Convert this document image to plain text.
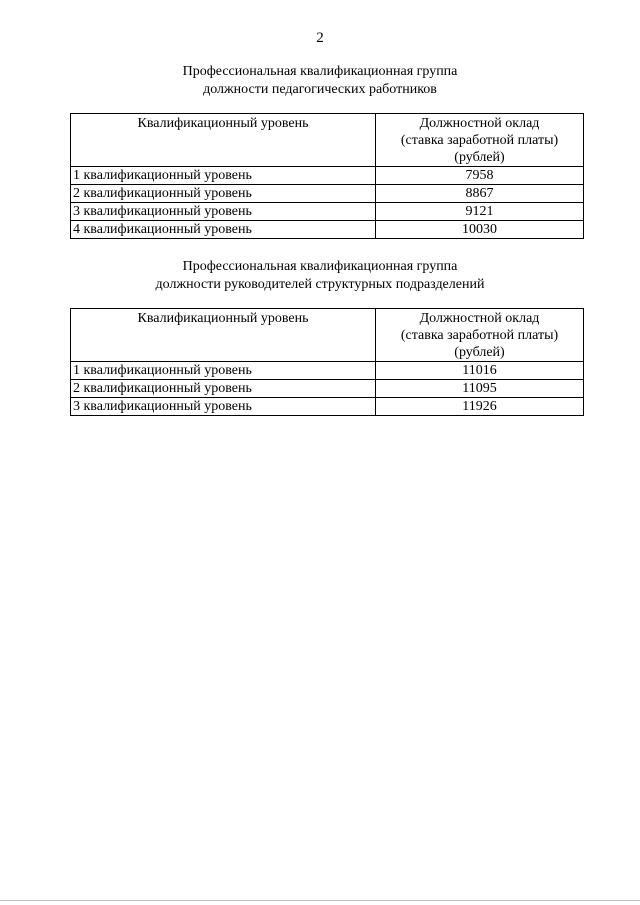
2
Профессиональная квалификационная группа
должности педагогических работников
Квалификационный уровень	Должностной оклад
(ставка заработной платы)
(рублей)

1 квалификационный уровень	7958
2 квалификационный уровень	8867
3 квалификационный уровень	9121
4 квалификационный уровень	10030
Профессиональная квалификационная группа
должности руководителей структурных подразделений
Квалификационный уровень	Должностной оклад
(ставка заработной платы)
(рублей)

1 квалификационный уровень	11016
2 квалификационный уровень	11095
3 квалификационный уровень	11926
